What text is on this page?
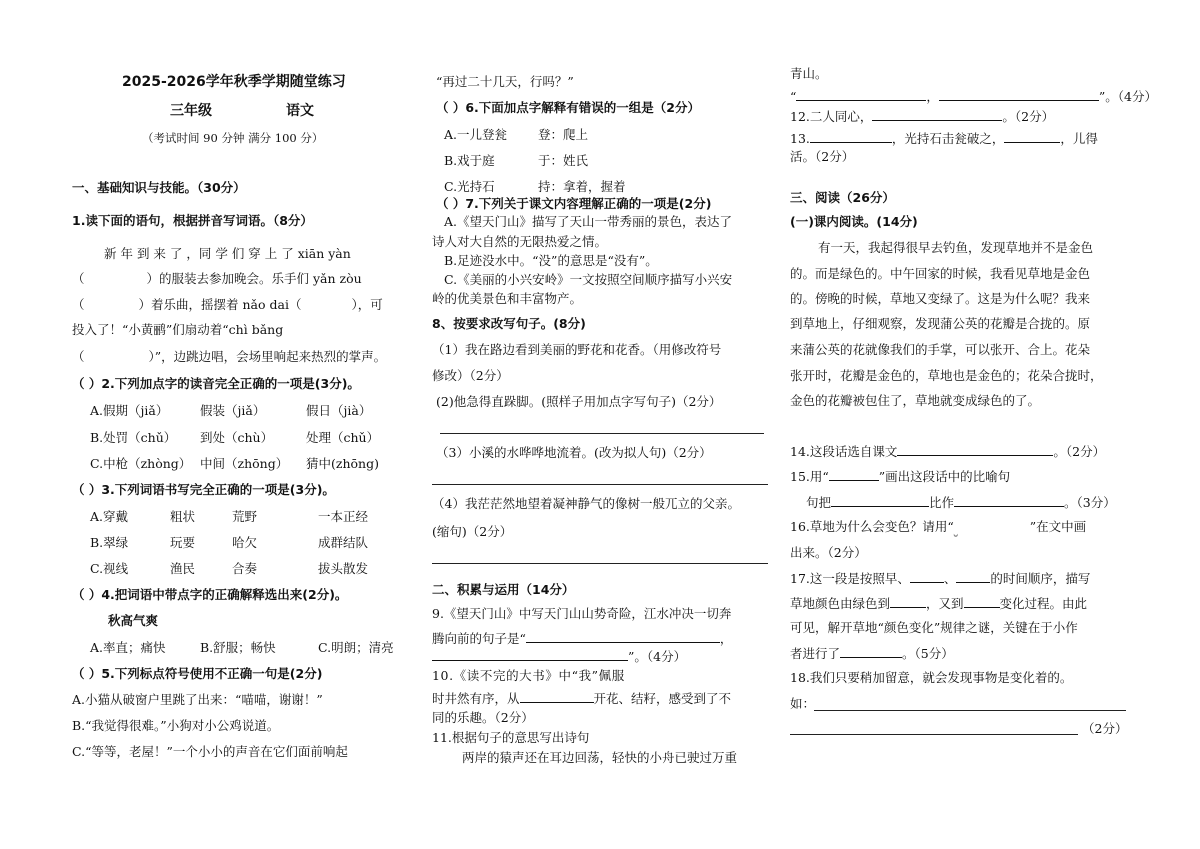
2025-2026学年秋季学期随堂练习
三年级	语文
（考试时间 90 分钟 满分 100 分）
一、基础知识与技能。（30分）
1.读下面的语句，根据拼音写词语。（8分）
新 年 到 来 了 ，同 学 们 穿 上 了 xiān yàn
（	）的服装去参加晚会。乐手们 yǎn zòu
（	）着乐曲，摇摆着 nǎo dai（	），可
投入了！“小黄鹂”们扇动着“chì bǎng
（	）”，边跳边唱，会场里响起来热烈的掌声。
（ ）2.下列加点字的读音完全正确的一项是(3分)。
A.假期（jiǎ）	假装（jiǎ）	假日（jià）
B.处罚（chǔ） 到处（chù）	处理（chǔ）
C.中枪（zhòng） 中间（zhōng） 猜中(zhōng)
（ ）3.下列词语书写完全正确的一项是(3分)。
A.穿戴	粗状	荒野	一本正经
B.翠绿	玩要	哈欠	成群结队
C.视线	渔民	合奏	拔头散发
（ ）4.把词语中带点字的正确解释选出来(2分)。
秋高气爽
A.率直；痛快	B.舒服；畅快	C.明朗；清亮
（ ）5.下列标点符号使用不正确一句是(2分)
A.小猫从破窗户里跳了出来：“喵喵，谢谢！”
B.“我觉得很难。”小狗对小公鸡说道。
C.“等等，老屋！”一个小小的声音在它们面前响起
“再过二十几天，行吗？”
（ ）6.下面加点字解释有错误的一组是（2分）
A.一儿登瓮 登：爬上
B.戏于庭	于：姓氏
C.光持石	持：拿着，握着
（ ）7.下列关于课文内容理解正确的一项是(2分)
A.《望天门山》描写了天山一带秀丽的景色，表达了
诗人对大自然的无限热爱之情。
B.足迹没水中。“没”的意思是“没有”。
C.《美丽的小兴安岭》一文按照空间顺序描写小兴安
岭的优美景色和丰富物产。
8、按要求改写句子。(8分)
（1）我在路边看到美丽的野花和花香。（用修改符号
修改）（2分）
(2)他急得直跺脚。(照样子用加点字写句子)（2分）
（3）小溪的水哗哗地流着。(改为拟人句)（2分）
（4）我茫茫然地望着凝神静气的像树一般兀立的父亲。
(缩句)（2分）
二、积累与运用（14分）
9.《望天门山》中写天门山山势奇险，江水冲决一切奔
腾向前的句子是“	，
”。（4分）
10.《读不完的大书》中“我”佩服
时井然有序，从	开花、结籽，感受到了不
同的乐趣。（2分）
11.根据句子的意思写出诗句
两岸的猿声还在耳边回荡，轻快的小舟已驶过万重
青山。
“	，	”。（4分）
12.二人同心，	。（2分）
13.	，光持石击瓮破之，	，儿得
活。（2分）
三、阅读（26分）
(一)课内阅读。(14分)
有一天，我起得很早去钓鱼，发现草地并不是金色
的。而是绿色的。中午回家的时候，我看见草地是金色
的。傍晚的时候，草地又变绿了。这是为什么呢？我来
到草地上，仔细观察，发现蒲公英的花瓣是合拢的。原
来蒲公英的花就像我们的手掌，可以张开、合上。花朵
张开时，花瓣是金色的，草地也是金色的；花朵合拢时，
金色的花瓣被包住了，草地就变成绿色的了。
14.这段话选自课文	。（2分）
15.用“	”画出这段话中的比喻句
句把	比作	。（3分）
16.草地为什么会变色？请用“	”在文中画
出来。（2分）
17.这一段是按照早、	、	的时间顺序，描写
草地颜色由绿色到	，又到	变化过程。由此
可见，解开草地“颜色变化”规律之谜，关键在于小作
者进行了	。（5分）
18.我们只要稍加留意，就会发现事物是变化着的。
如：
（2分）
